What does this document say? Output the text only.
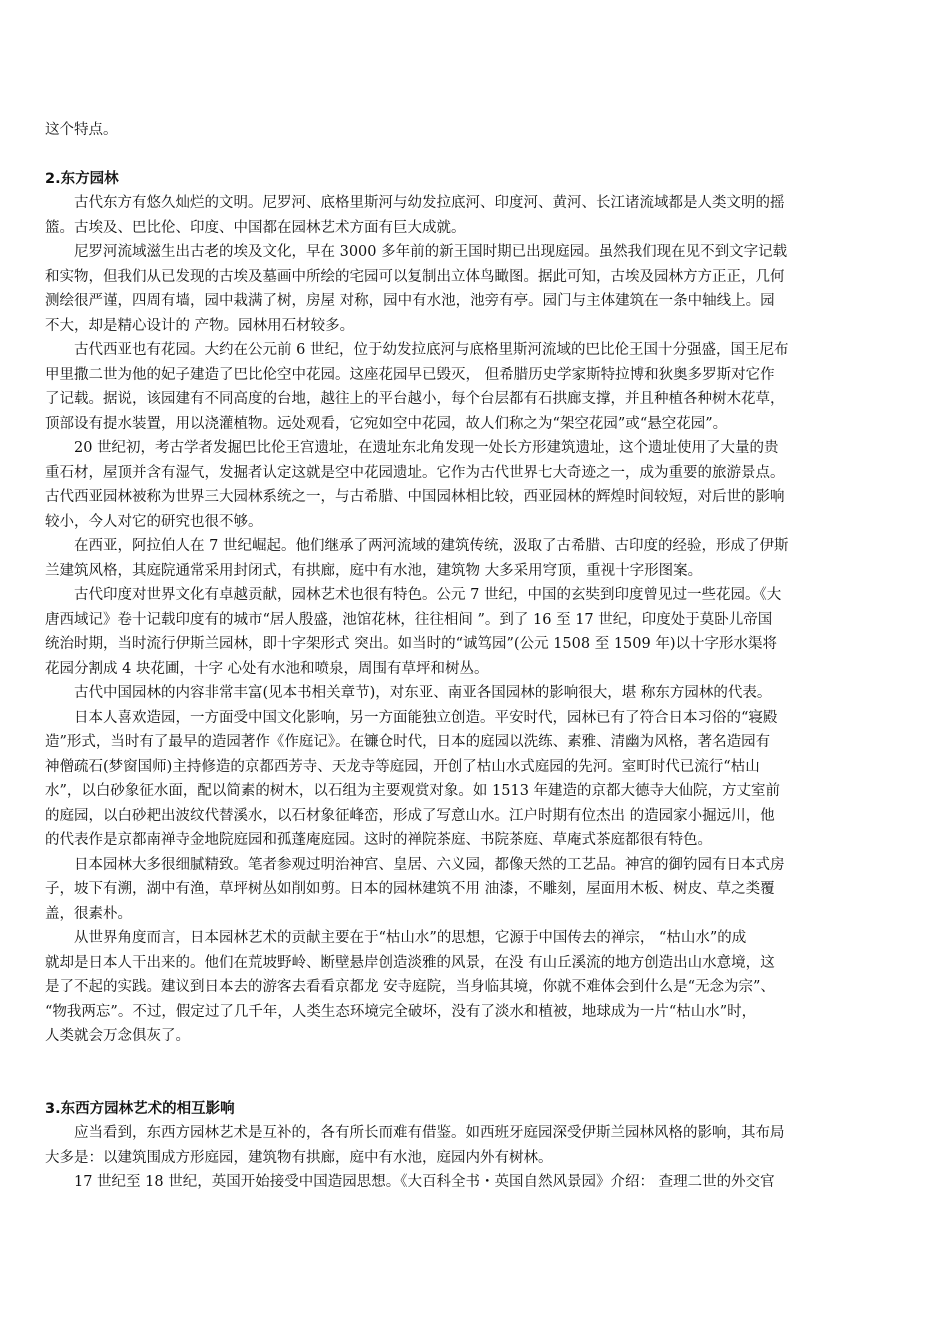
这个特点。
2.东方园林
古代东方有悠久灿烂的文明。尼罗河、底格里斯河与幼发拉底河、印度河、黄河、长江诸流域都是人类文明的摇
篮。古埃及、巴比伦、印度、中国都在园林艺术方面有巨大成就。
尼罗河流域滋生出古老的埃及文化，早在 3000 多年前的新王国时期已出现庭园。虽然我们现在见不到文字记载
和实物，但我们从已发现的古埃及墓画中所绘的宅园可以复制出立体鸟瞰图。据此可知，古埃及园林方方正正，几何
测绘很严谨，四周有墙，园中栽满了树，房屋 对称，园中有水池，池旁有亭。园门与主体建筑在一条中轴线上。园
不大，却是精心设计的 产物。园林用石材较多。
古代西亚也有花园。大约在公元前 6 世纪，位于幼发拉底河与底格里斯河流域的巴比伦王国十分强盛，国王尼布
甲里撒二世为他的妃子建造了巴比伦空中花园。这座花园早已毁灭， 但希腊历史学家斯特拉博和狄奥多罗斯对它作
了记载。据说，该园建有不同高度的台地，越往上的平台越小，每个台层都有石拱廊支撑，并且种植各种树木花草，
顶部设有提水装置，用以浇灌植物。远处观看，它宛如空中花园，故人们称之为“架空花园”或“悬空花园”。
20 世纪初，考古学者发掘巴比伦王宫遗址，在遗址东北角发现一处长方形建筑遗址，这个遗址使用了大量的贵
重石材，屋顶并含有湿气，发掘者认定这就是空中花园遗址。它作为古代世界七大奇迹之一，成为重要的旅游景点。
古代西亚园林被称为世界三大园林系统之一，与古希腊、中国园林相比较，西亚园林的辉煌时间较短，对后世的影响
较小，今人对它的研究也很不够。
在西亚，阿拉伯人在 7 世纪崛起。他们继承了两河流域的建筑传统，汲取了古希腊、古印度的经验，形成了伊斯
兰建筑风格，其庭院通常采用封闭式，有拱廊，庭中有水池，建筑物 大多采用穹顶，重视十字形图案。
古代印度对世界文化有卓越贡献，园林艺术也很有特色。公元 7 世纪，中国的玄奘到印度曾见过一些花园。《大
唐西域记》卷十记载印度有的城市“居人殷盛，池馆花林，往往相间 ”。到了 16 至 17 世纪，印度处于莫卧儿帝国
统治时期，当时流行伊斯兰园林，即十字架形式 突出。如当时的“诚笃园”(公元 1508 至 1509 年)以十字形水渠将
花园分割成 4 块花圃，十字 心处有水池和喷泉，周围有草坪和树丛。
古代中国园林的内容非常丰富(见本书相关章节)，对东亚、南亚各国园林的影响很大，堪 称东方园林的代表。
日本人喜欢造园，一方面受中国文化影响，另一方面能独立创造。平安时代，园林已有了符合日本习俗的“寝殿
造”形式，当时有了最早的造园著作《作庭记》。在镰仓时代，日本的庭园以洗练、素雅、清幽为风格，著名造园有
神僧疏石(梦窗国师)主持修造的京都西芳寺、天龙寺等庭园，开创了枯山水式庭园的先河。室町时代已流行“枯山
水”，以白砂象征水面，配以简素的树木，以石组为主要观赏对象。如 1513 年建造的京都大德寺大仙院，方丈室前
的庭园，以白砂耙出波纹代替溪水，以石材象征峰峦，形成了写意山水。江户时期有位杰出 的造园家小掘远川，他
的代表作是京都南禅寺金地院庭园和孤蓬庵庭园。这时的禅院茶庭、书院茶庭、草庵式茶庭都很有特色。
日本园林大多很细腻精致。笔者参观过明治神宫、皇居、六义园，都像天然的工艺品。神宫的御钓园有日本式房
子，坡下有溯，湖中有渔，草坪树丛如削如剪。日本的园林建筑不用 油漆，不雕刻，屋面用木板、树皮、草之类覆
盖，很素朴。
从世界角度而言，日本园林艺术的贡献主要在于“枯山水”的思想，它源于中国传去的禅宗， “枯山水”的成
就却是日本人干出来的。他们在荒坡野岭、断壁悬岸创造淡雅的风景，在没 有山丘溪流的地方创造出山水意境，这
是了不起的实践。建议到日本去的游客去看看京都龙 安寺庭院，当身临其境，你就不难体会到什么是“无念为宗”、
“物我两忘”。不过，假定过了几千年，人类生态环境完全破坏，没有了淡水和植被，地球成为一片“枯山水”时，
人类就会万念俱灰了。
3.东西方园林艺术的相互影响
应当看到，东西方园林艺术是互补的，各有所长而难有借鉴。如西班牙庭园深受伊斯兰园林风格的影响，其布局
大多是：以建筑围成方形庭园，建筑物有拱廊，庭中有水池，庭园内外有树林。
17 世纪至 18 世纪，英国开始接受中国造园思想。《大百科全书・英国自然风景园》介绍： 查理二世的外交官
